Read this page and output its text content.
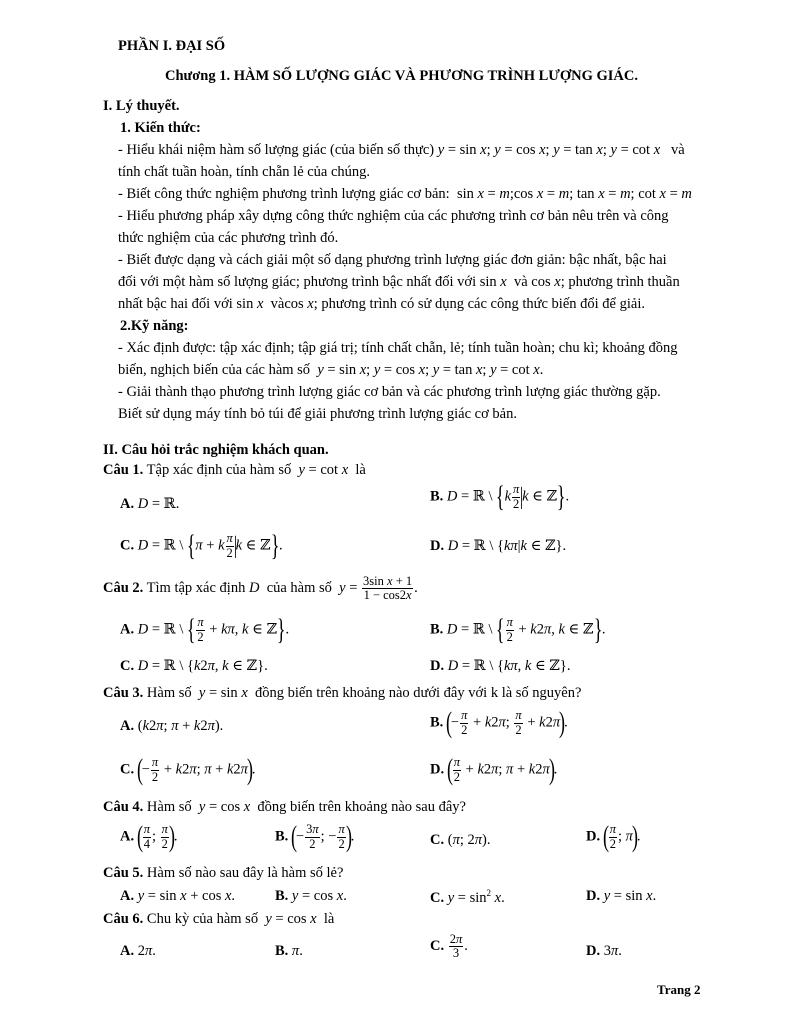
PHẦN I. ĐẠI SỐ
Chương 1. HÀM SỐ LƯỢNG GIÁC VÀ PHƯƠNG TRÌNH LƯỢNG GIÁC.
I. Lý thuyết.
1. Kiến thức:
- Hiểu khái niệm hàm số lượng giác (của biến số thực) y = sin x; y = cos x; y = tan x; y = cot x và
tính chất tuần hoàn, tính chẵn lẻ của chúng.
- Biết công thức nghiệm phương trình lượng giác cơ bản:  sin x = m;cos x = m; tan x = m; cot x = m
- Hiểu phương pháp xây dựng công thức nghiệm của các phương trình cơ bản nêu trên và công
thức nghiệm của các phương trình đó.
- Biết được dạng và cách giải một số dạng phương trình lượng giác đơn giản: bậc nhất, bậc hai
đối với một hàm số lượng giác; phương trình bậc nhất đối với sin x và cos x; phương trình thuần
nhất bậc hai đối với sin x vàcos x; phương trình có sử dụng các công thức biến đổi để giải.
2.Kỹ năng:
- Xác định được: tập xác định; tập giá trị; tính chất chẵn, lẻ; tính tuần hoàn; chu kì; khoảng đồng
biến, nghịch biến của các hàm số y = sin x; y = cos x; y = tan x; y = cot x.
- Giải thành thạo phương trình lượng giác cơ bản và các phương trình lượng giác thường gặp.
Biết sử dụng máy tính bỏ túi để giải phương trình lượng giác cơ bản.
II. Câu hỏi trắc nghiệm khách quan.
Câu 1. Tập xác định của hàm số y = cot x là
A. D = ℝ.	B. D = ℝ \ {$k \frac{\pi}{2} |k$ ∈ ℤ}.
C. D = ℝ \ {π + k $\frac{\pi}{2} |k$ ∈ ℤ}.	D. D = ℝ \ {kπ|k ∈ ℤ}.
Câu 2. Tìm tập xác định D của hàm số $y = \frac{\text{3sin x + 1}}{1 - \cos 2x}$ .
A. D = ℝ \ { $\frac{\pi}{2} + k\pi$, k ∈ ℤ}.	B. D = ℝ \ { $\frac{\pi}{2} + k2\pi$, k ∈ ℤ}.
C. D = ℝ \ {k2π, k ∈ ℤ}.	D. D = ℝ \ {kπ, k ∈ ℤ}.
Câu 3. Hàm số y = sin x đồng biến trên khoảng nào dưới đây với k là số nguyên?
A. (k2π; π + k2π).	B. (− $\frac{\pi}{2} + k2\pi$; $\frac{\pi}{2} + k2\pi$).
C. (− $\frac{\pi}{2} + k2\pi$; π + k2π).	D. ( $\frac{\pi}{2} + k2\pi$; π + k2π).
Câu 4. Hàm số y = cos x đồng biến trên khoảng nào sau đây?
A. ( $\frac{\pi}{4}$ ; $\frac{\pi}{2}$ ).	B. (− $\frac{3\pi}{2}$ ; − $\frac{\pi}{2}$ ).	C. (π; 2π).	D. ( $\frac{\pi}{2}$ ; π).
Câu 5. Hàm số nào sau đây là hàm số lẻ?
A. y = sin x + cos x.	B. y = cos x.	C. $y = \sin^2 x$.	D. y = sin x.
Câu 6. Chu kỳ của hàm số y = cos x là
A. 2π.	B. π.	C. $\frac{2\pi}{3}$ .	D. 3π.
Trang 2
